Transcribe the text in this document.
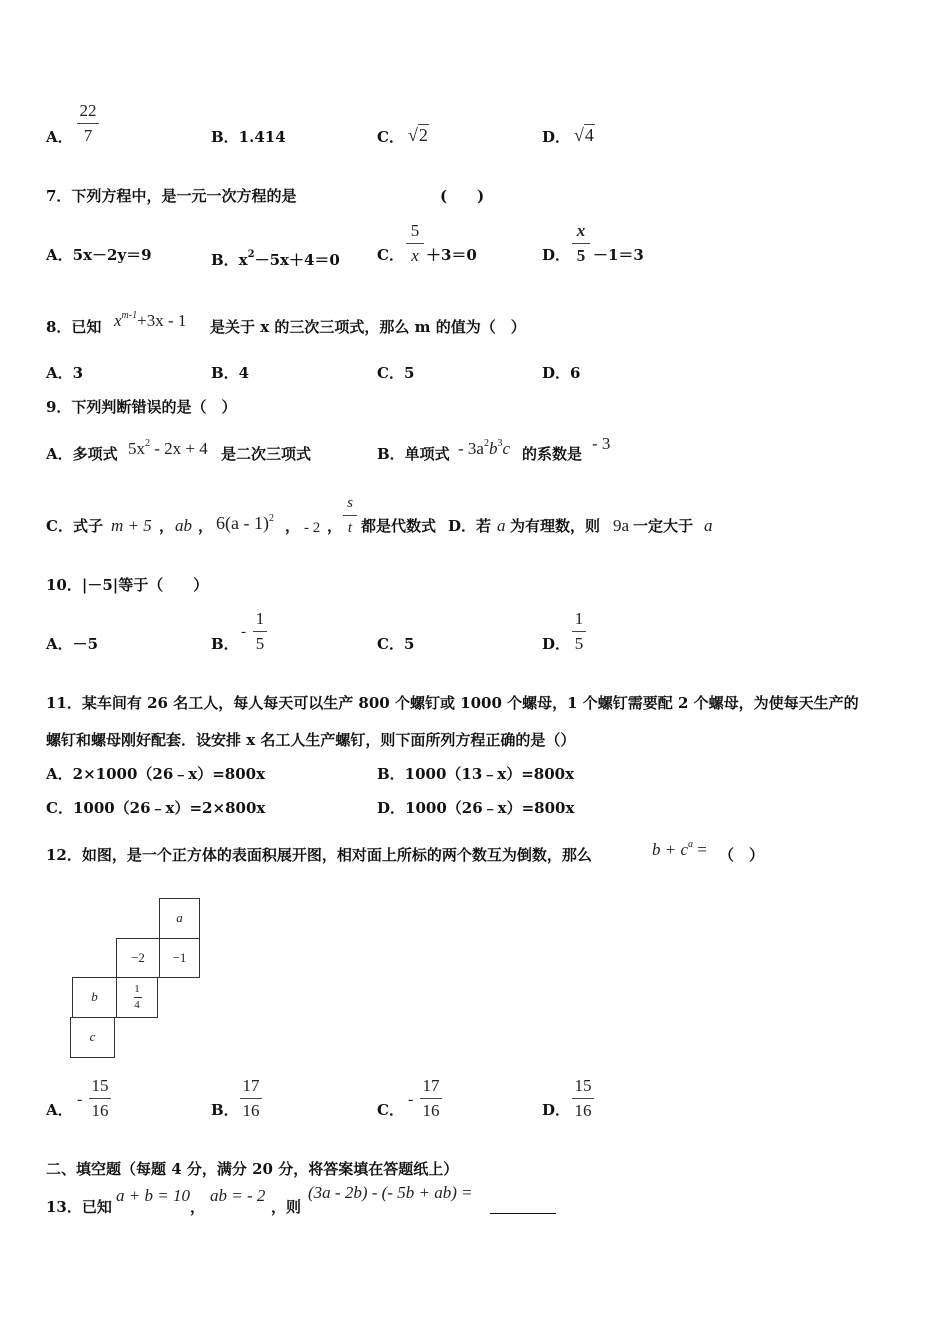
A．
22
7	B．1.414	C． √2	D． √4
7．下列方程中，是一元一次方程的是	(　　)
A．5x－2y＝9	B．$x^2-5x+4=0$ C．
5
x ＋3＝0	D．
x
5 －1＝3
8．已知 $x^{m-1}+3x - 1$ 是关于 x 的三次三项式，那么 m 的值为（　）
A．3	B．4	C．5	D．6
9．下列判断错误的是（　）
A．多项式 $5x^2 - 2x + 4$ 是二次三项式	B．单项式 - $3a^2b^3c$ 的系数是
- 3
C．式子 m + 5 ， ab ， 6(a - 1)$^2$ ， - 2 ，
s
t 都是代数式 D．若 a 为有理数，则 9a 一定大于 a
10．|－5|等于（　　）
A．－5	B．
-
1
5	C．5	D．
1
5
11．某车间有 26 名工人，每人每天可以生产 800 个螺钉或 1000 个螺母，1 个螺钉需要配 2 个螺母，为使每天生产的
螺钉和螺母刚好配套．设安排 x 名工人生产螺钉，则下面所列方程正确的是（）
A．2×1000（26﹣x）=800x	B．1000（13﹣x）=800x
C．1000（26﹣x）=2×800x	D．1000（26﹣x）=800x
12．如图，是一个正方体的表面积展开图，相对面上所标的两个数互为倒数，那么	$b + c^a$ = （　）
a
−2	−1
b	1
4
c
A．
-
15
16	B．
17
16	C．
-
17
16	D．
15
16
二、填空题（每题 4 分，满分 20 分，将答案填在答题纸上）
13．已知
a + b = 10
，
ab = - 2
，则
(3a - 2b) - (- 5b + ab) =
